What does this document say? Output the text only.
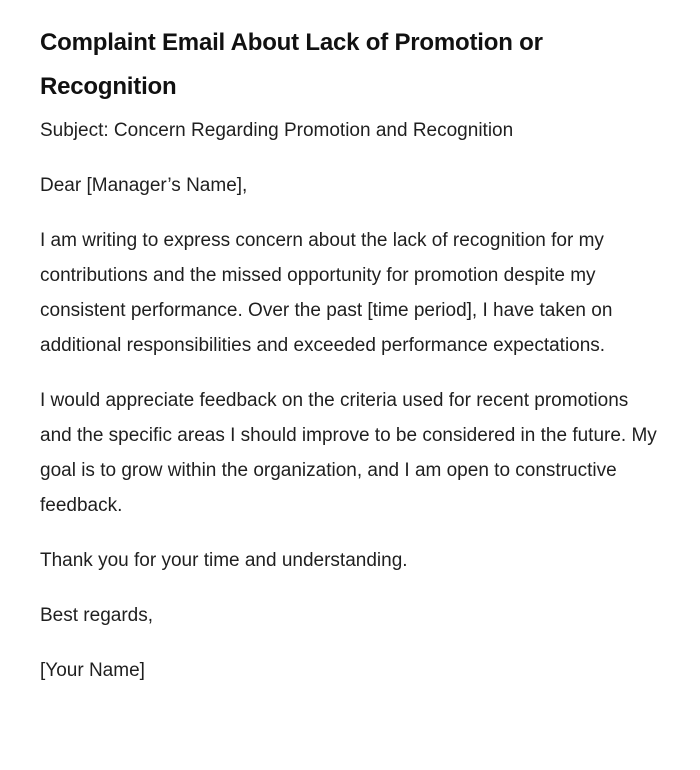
Complaint Email About Lack of Promotion or Recognition

Subject: Concern Regarding Promotion and Recognition

Dear [Manager’s Name],

I am writing to express concern about the lack of recognition for my contributions and the missed opportunity for promotion despite my consistent performance. Over the past [time period], I have taken on additional responsibilities and exceeded performance expectations.

I would appreciate feedback on the criteria used for recent promotions and the specific areas I should improve to be considered in the future. My goal is to grow within the organization, and I am open to constructive feedback.

Thank you for your time and understanding.

Best regards,

[Your Name]
